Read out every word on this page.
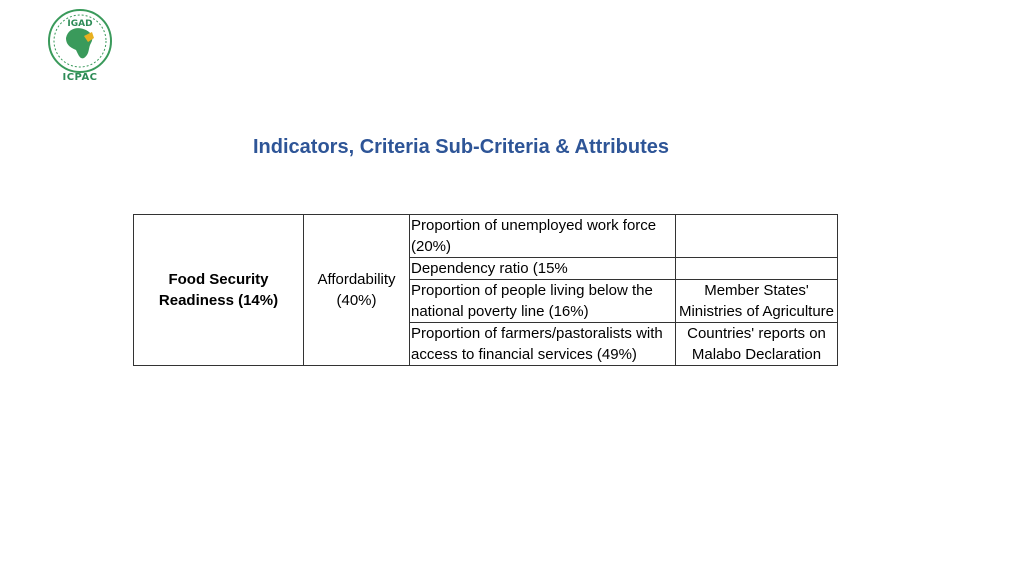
IGAD
ICPAC
Indicators, Criteria Sub-Criteria & Attributes
Food Security Readiness (14%)	Affordability (40%)	Proportion of unemployed work force (20%)	
		Dependency ratio (15%	
		Proportion of people living below the national poverty line (16%)	Member States' Ministries of Agriculture
		Proportion of farmers/pastoralists with access to financial services (49%)	Countries' reports on Malabo Declaration
